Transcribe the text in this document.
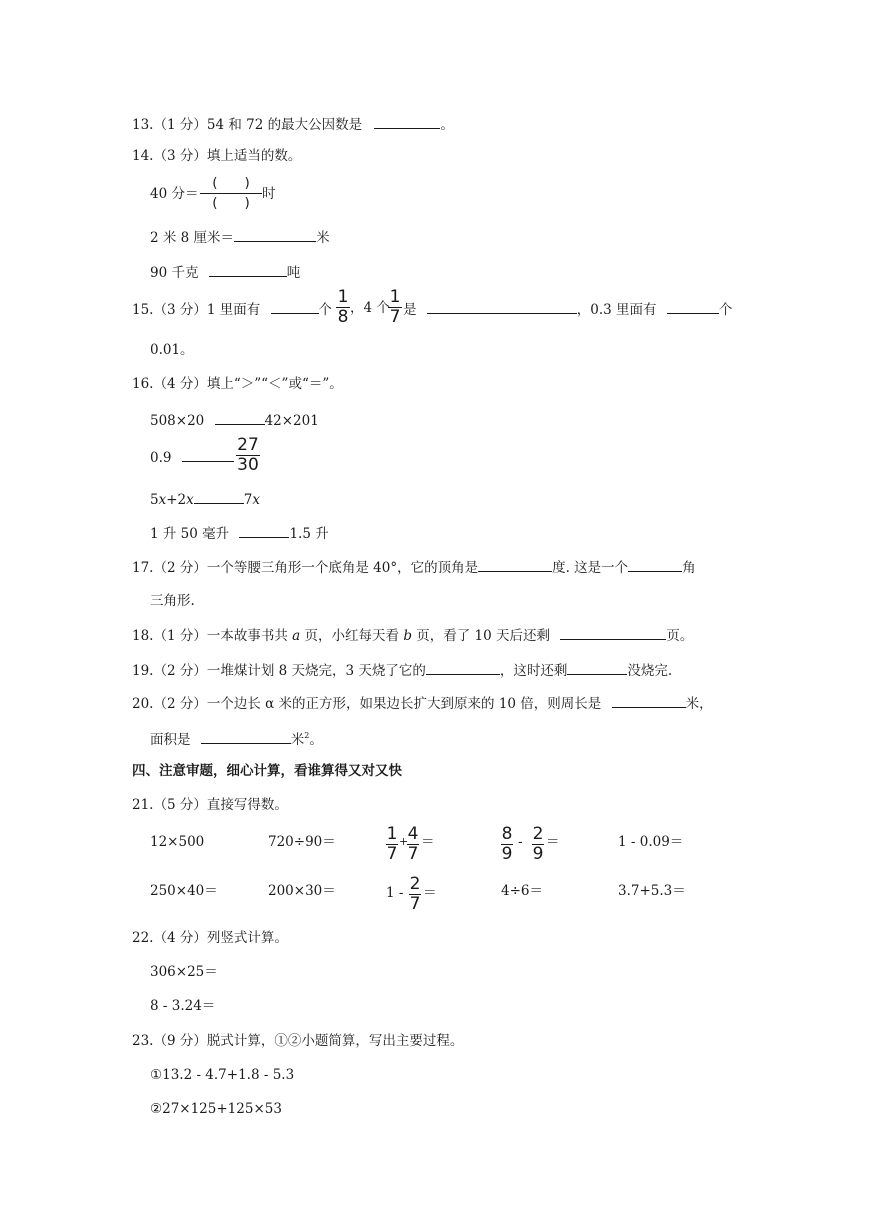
13.（1 分）54 和 72 的最大公因数是	。
14.（3 分）填上适当的数。
40 分＝
(　　)
(　　)
时
2 米 8 厘米＝	米
90 千克	吨
15.（3 分）1 里面有	个
1
8 ，4 个
1
7 是	，0.3 里面有	个
0.01。
16.（4 分）填上“＞”“＜”或“＝”。
508×20	42×201
0.9
27
30
5x+2x	7x
1 升 50 毫升	1.5 升
17.（2 分）一个等腰三角形一个底角是 40°，它的顶角是	度. 这是一个	角
三角形.
18.（1 分）一本故事书共 a 页，小红每天看 b 页，看了 10 天后还剩	页。
19.（2 分）一堆煤计划 8 天烧完，3 天烧了它的	，这时还剩	没烧完.
20.（2 分）一个边长 α 米的正方形，如果边长扩大到原来的 10 倍，则周长是	米，
面积是	米$^2$。
四、注意审题，细心计算，看谁算得又对又快
21.（5 分）直接写得数。
12×500	720÷90＝	1
7
+ 4
7
＝	8
9
- 2
9
＝	1 - 0.09＝
250×40＝	200×30＝	1 - 2
7
＝	4÷6＝	3.7+5.3＝
22.（4 分）列竖式计算。
306×25＝
8 - 3.24＝
23.（9 分）脱式计算，①②小题简算，写出主要过程。
①13.2 - 4.7+1.8 - 5.3
②27×125+125×53
